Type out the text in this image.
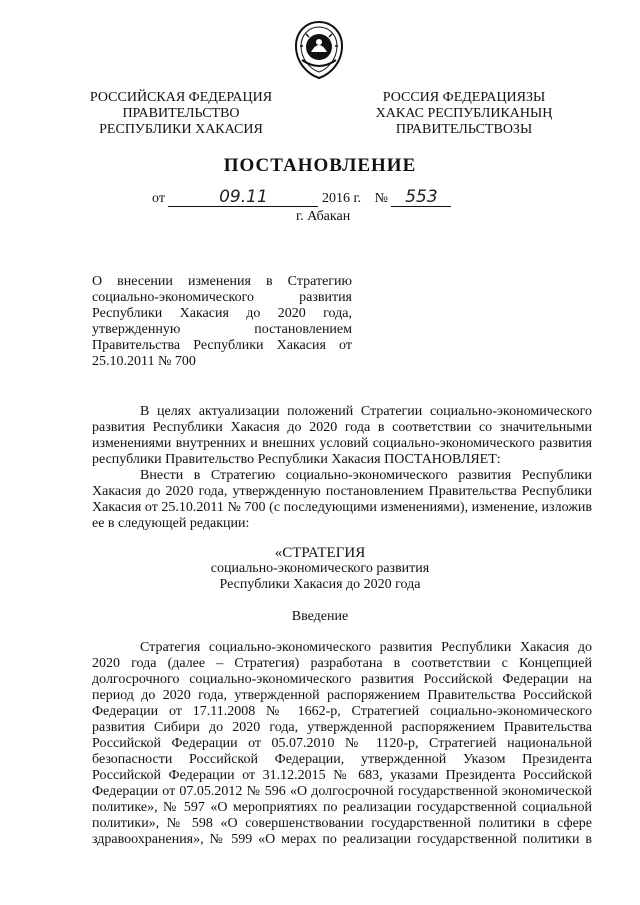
РОССИЙСКАЯ ФЕДЕРАЦИЯ
ПРАВИТЕЛЬСТВО
РЕСПУБЛИКИ ХАКАСИЯ
РОССИЯ ФЕДЕРАЦИЯЗЫ
ХАКАС РЕСПУБЛИКАНЫҢ
ПРАВИТЕЛЬСТВОЗЫ
ПОСТАНОВЛЕНИЕ
от	09.11	2016 г. № 553
г. Абакан
О внесении изменения в Стратегию
социально-экономического развития
Республики Хакасия до 2020 года,
утвержденную постановлением
Правительства Республики Хакасия от
25.10.2011 № 700
В целях актуализации положений Стратегии социально-экономического
развития Республики Хакасия до 2020 года в соответствии со значительными
изменениями внутренних и внешних условий социально-экономического развития
республики Правительство Республики Хакасия ПОСТАНОВЛЯЕТ:
Внести в Стратегию социально-экономического развития Республики
Хакасия до 2020 года, утвержденную постановлением Правительства Республики
Хакасия от 25.10.2011 № 700 (с последующими изменениями), изменение, изложив
ее в следующей редакции:
«СТРАТЕГИЯ
социально-экономического развития
Республики Хакасия до 2020 года
Введение
Стратегия социально-экономического развития Республики Хакасия до
2020 года (далее – Стратегия) разработана в соответствии с Концепцией
долгосрочного социально-экономического развития Российской Федерации на
период до 2020 года, утвержденной распоряжением Правительства Российской
Федерации от 17.11.2008 № 1662-р, Стратегией социально-экономического
развития Сибири до 2020 года, утвержденной распоряжением Правительства
Российской Федерации от 05.07.2010 № 1120-р, Стратегией национальной
безопасности Российской Федерации, утвержденной Указом Президента
Российской Федерации от 31.12.2015 № 683, указами Президента Российской
Федерации от 07.05.2012 № 596 «О долгосрочной государственной экономической
политике», № 597 «О мероприятиях по реализации государственной социальной
политики», № 598 «О совершенствовании государственной политики в сфере
здравоохранения», № 599 «О мерах по реализации государственной политики в
